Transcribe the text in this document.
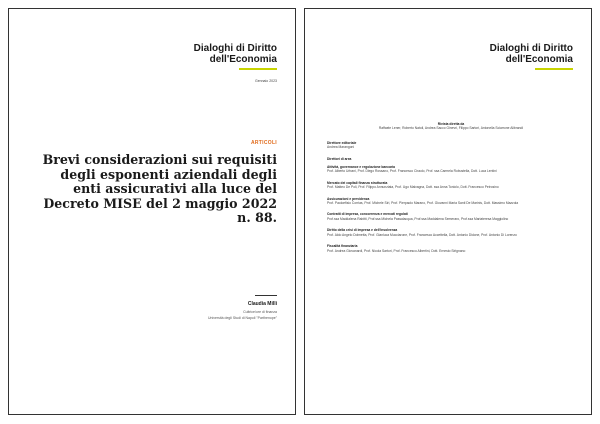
Dialoghi di Diritto
dell'Economia
Gennaio 2023
ARTICOLI
Brevi considerazioni sui requisiti degli esponenti aziendali degli enti assicurativi alla luce del Decreto MISE del 2 maggio 2022 n. 88.
Claudia Milli
Cultrice/ore di finanza
Università degli Studi di Napoli "Parthenope"
Dialoghi di Diritto
dell'Economia
Rivista diretta da
Raffaele Lener, Roberto Natoli, Andrea Sacco Ginevri, Filippo Sartori, Antonella Sciarrone Alibrandi
Direttore editoriale
Andrea Marangoni
Direttori di area
Attività, governance e regolazione bancaria
Prof. Alberto Urbani, Prof. Diego Rossano, Prof. Francesco Ciraolo, Prof. ssa Carmela Robustella, Dott. Luca Lentini
Mercato dei capitali finanza strutturata
Prof. Matteo De Poli, Prof. Filippo Annunziata, Prof. Ugo Malvagna, Dott. ssa Anna Toniolo, Dott. Francesco Petrosino
Assicurazioni e previdenza
Prof. Paoloefisio Corrias, Prof. Michele Siri, Prof. Pierpaolo Marano, Prof. Giovanni Maria Santi De Marinis, Dott. Massimo Mazzola
Contratti di impresa, concorrenza e mercati regolati
Prof.ssa Maddalena Rabitti, Prof.ssa Michela Passalacqua, Prof.ssa Maddalena Semeraro, Prof.ssa Mariateresa Maggiolino
Diritto della crisi di impresa e dell'insolvenza
Prof. Aldo Angelo Dolmetta, Prof. Gianluca Mucciarone, Prof. Francesco Accettella, Dott. Antonio Didone, Prof. Antonio Di Lorenzo
Fiscalità finanziaria
Prof. Andrea Giovanardi, Prof. Nicola Sartori, Prof. Francesco Albertini, Dott. Ernesto Sirignano
